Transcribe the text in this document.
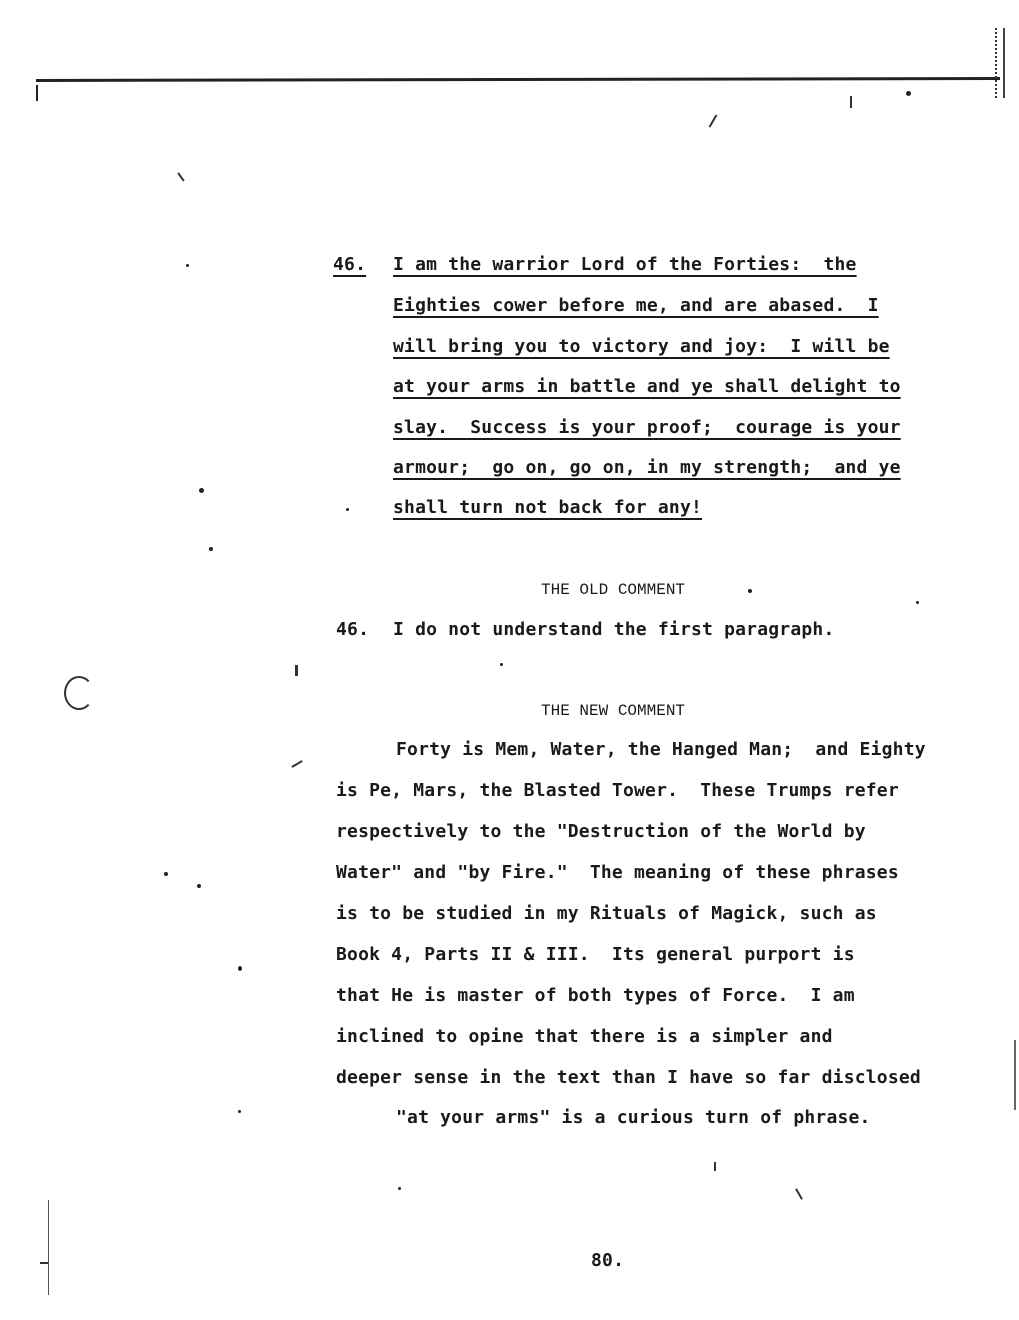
46. I am the warrior Lord of the Forties:  the
Eighties cower before me, and are abased.  I
will bring you to victory and joy:  I will be
at your arms in battle and ye shall delight to
slay.  Success is your proof;  courage is your
armour;  go on, go on, in my strength;  and ye
shall turn not back for any!
THE OLD COMMENT
46. I do not understand the first paragraph.
THE NEW COMMENT
Forty is Mem, Water, the Hanged Man;  and Eighty
is Pe, Mars, the Blasted Tower.  These Trumps refer
respectively to the "Destruction of the World by
Water" and "by Fire."  The meaning of these phrases
is to be studied in my Rituals of Magick, such as
Book 4, Parts II & III.  Its general purport is
that He is master of both types of Force.  I am
inclined to opine that there is a simpler and
deeper sense in the text than I have so far disclosed
"at your arms" is a curious turn of phrase.
80.
